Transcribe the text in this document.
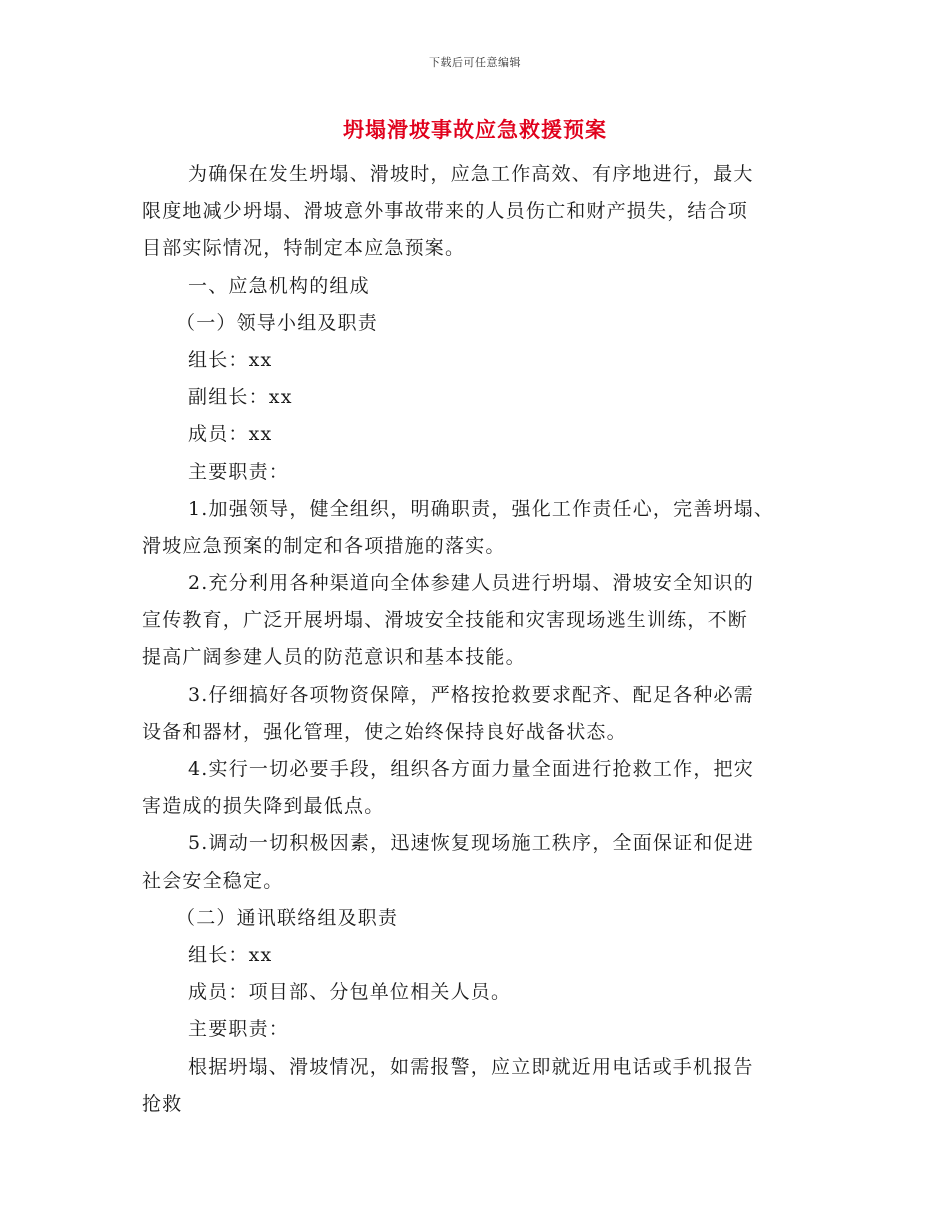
下载后可任意编辑
坍塌滑坡事故应急救援预案
为确保在发生坍塌、滑坡时，应急工作高效、有序地进行，最大
限度地减少坍塌、滑坡意外事故带来的人员伤亡和财产损失，结合项
目部实际情况，特制定本应急预案。
一、应急机构的组成
（一）领导小组及职责
组长：xx
副组长：xx
成员：xx
主要职责：
1.加强领导，健全组织，明确职责，强化工作责任心，完善坍塌、
滑坡应急预案的制定和各项措施的落实。
2.充分利用各种渠道向全体参建人员进行坍塌、滑坡安全知识的
宣传教育，广泛开展坍塌、滑坡安全技能和灾害现场逃生训练，不断
提高广阔参建人员的防范意识和基本技能。
3.仔细搞好各项物资保障，严格按抢救要求配齐、配足各种必需
设备和器材，强化管理，使之始终保持良好战备状态。
4.实行一切必要手段，组织各方面力量全面进行抢救工作，把灾
害造成的损失降到最低点。
5.调动一切积极因素，迅速恢复现场施工秩序，全面保证和促进
社会安全稳定。
（二）通讯联络组及职责
组长：xx
成员：项目部、分包单位相关人员。
主要职责：
根据坍塌、滑坡情况，如需报警，应立即就近用电话或手机报告
抢救
